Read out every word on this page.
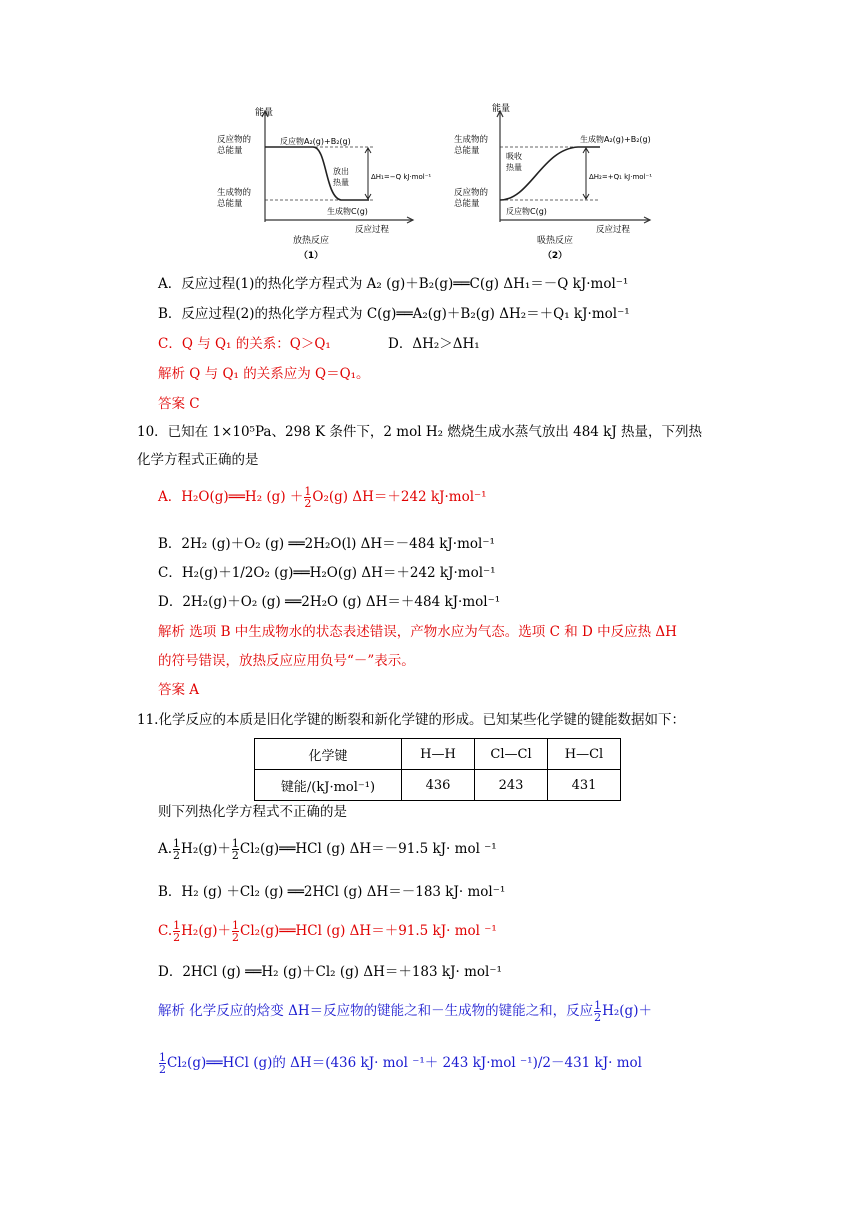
能量
反应物的
总能量
生成物的
总能量
反应物A₂(g)+B₂(g)
放出
热量
ΔH₁=−Q kJ·mol⁻¹
生成物C(g)
反应过程
放热反应
（1）
能量
生成物的
总能量
反应物的
总能量
生成物A₂(g)+B₂(g)
吸收
热量
ΔH₂=+Q₁ kJ·mol⁻¹
反应物C(g)
反应过程
吸热反应
（2）
A．反应过程(1)的热化学方程式为 A₂ (g)＋B₂(g)══C(g) ΔH₁＝－Q kJ·mol⁻¹
B．反应过程(2)的热化学方程式为 C(g)══A₂(g)＋B₂(g) ΔH₂＝＋Q₁ kJ·mol⁻¹
C．Q 与 Q₁ 的关系：Q＞Q₁	D．ΔH₂＞ΔH₁
解析 Q 与 Q₁ 的关系应为 Q＝Q₁。
答案 C
10．已知在 1×10⁵Pa、298 K 条件下，2 mol H₂ 燃烧生成水蒸气放出 484 kJ 热量，下列热
化学方程式正确的是
A．H₂O(g)══H₂ $(g) + \frac{1}{2} O_2(g)$ ΔH＝＋242 kJ·mol⁻¹
B．2H₂ (g)＋O₂ (g) ══2H₂O(l) ΔH＝－484 kJ·mol⁻¹
C．H₂(g)＋1/2O₂ (g)══H₂O(g) ΔH＝＋242 kJ·mol⁻¹
D．2H₂(g)＋O₂ (g) ══2H₂O (g) ΔH＝＋484 kJ·mol⁻¹
解析 选项 B 中生成物水的状态表述错误，产物水应为气态。选项 C 和 D 中反应热 ΔH
的符号错误，放热反应应用负号“－”表示。
答案 A
11.化学反应的本质是旧化学键的断裂和新化学键的形成。已知某些化学键的键能数据如下：
化学键	H—H	Cl—Cl	H—Cl
键能/(kJ·mol⁻¹)	436	243	431
则下列热化学方程式不正确的是
A. $\frac{1}{2} H_2(g)+ \frac{1}{2}$ Cl₂(g)══HCl (g) ΔH＝－91.5 kJ· mol ⁻¹
B．H₂ (g) ＋Cl₂ (g) ══2HCl (g) ΔH＝－183 kJ· mol⁻¹
C. $\frac{1}{2} H_2(g)+ \frac{1}{2}$ Cl₂(g)══HCl (g) ΔH＝＋91.5 kJ· mol ⁻¹
D．2HCl (g) ══H₂ (g)＋Cl₂ (g) ΔH＝＋183 kJ· mol⁻¹
解析 化学反应的焓变 ΔH＝反应物的键能之和－生成物的键能之和，反应 $\frac{1}{2} H_2(g)+$
$\frac{1}{2}$ Cl₂(g)══HCl (g)的 ΔH＝(436 kJ· mol ⁻¹＋ 243 kJ·mol ⁻¹)/2－431 kJ· mol
